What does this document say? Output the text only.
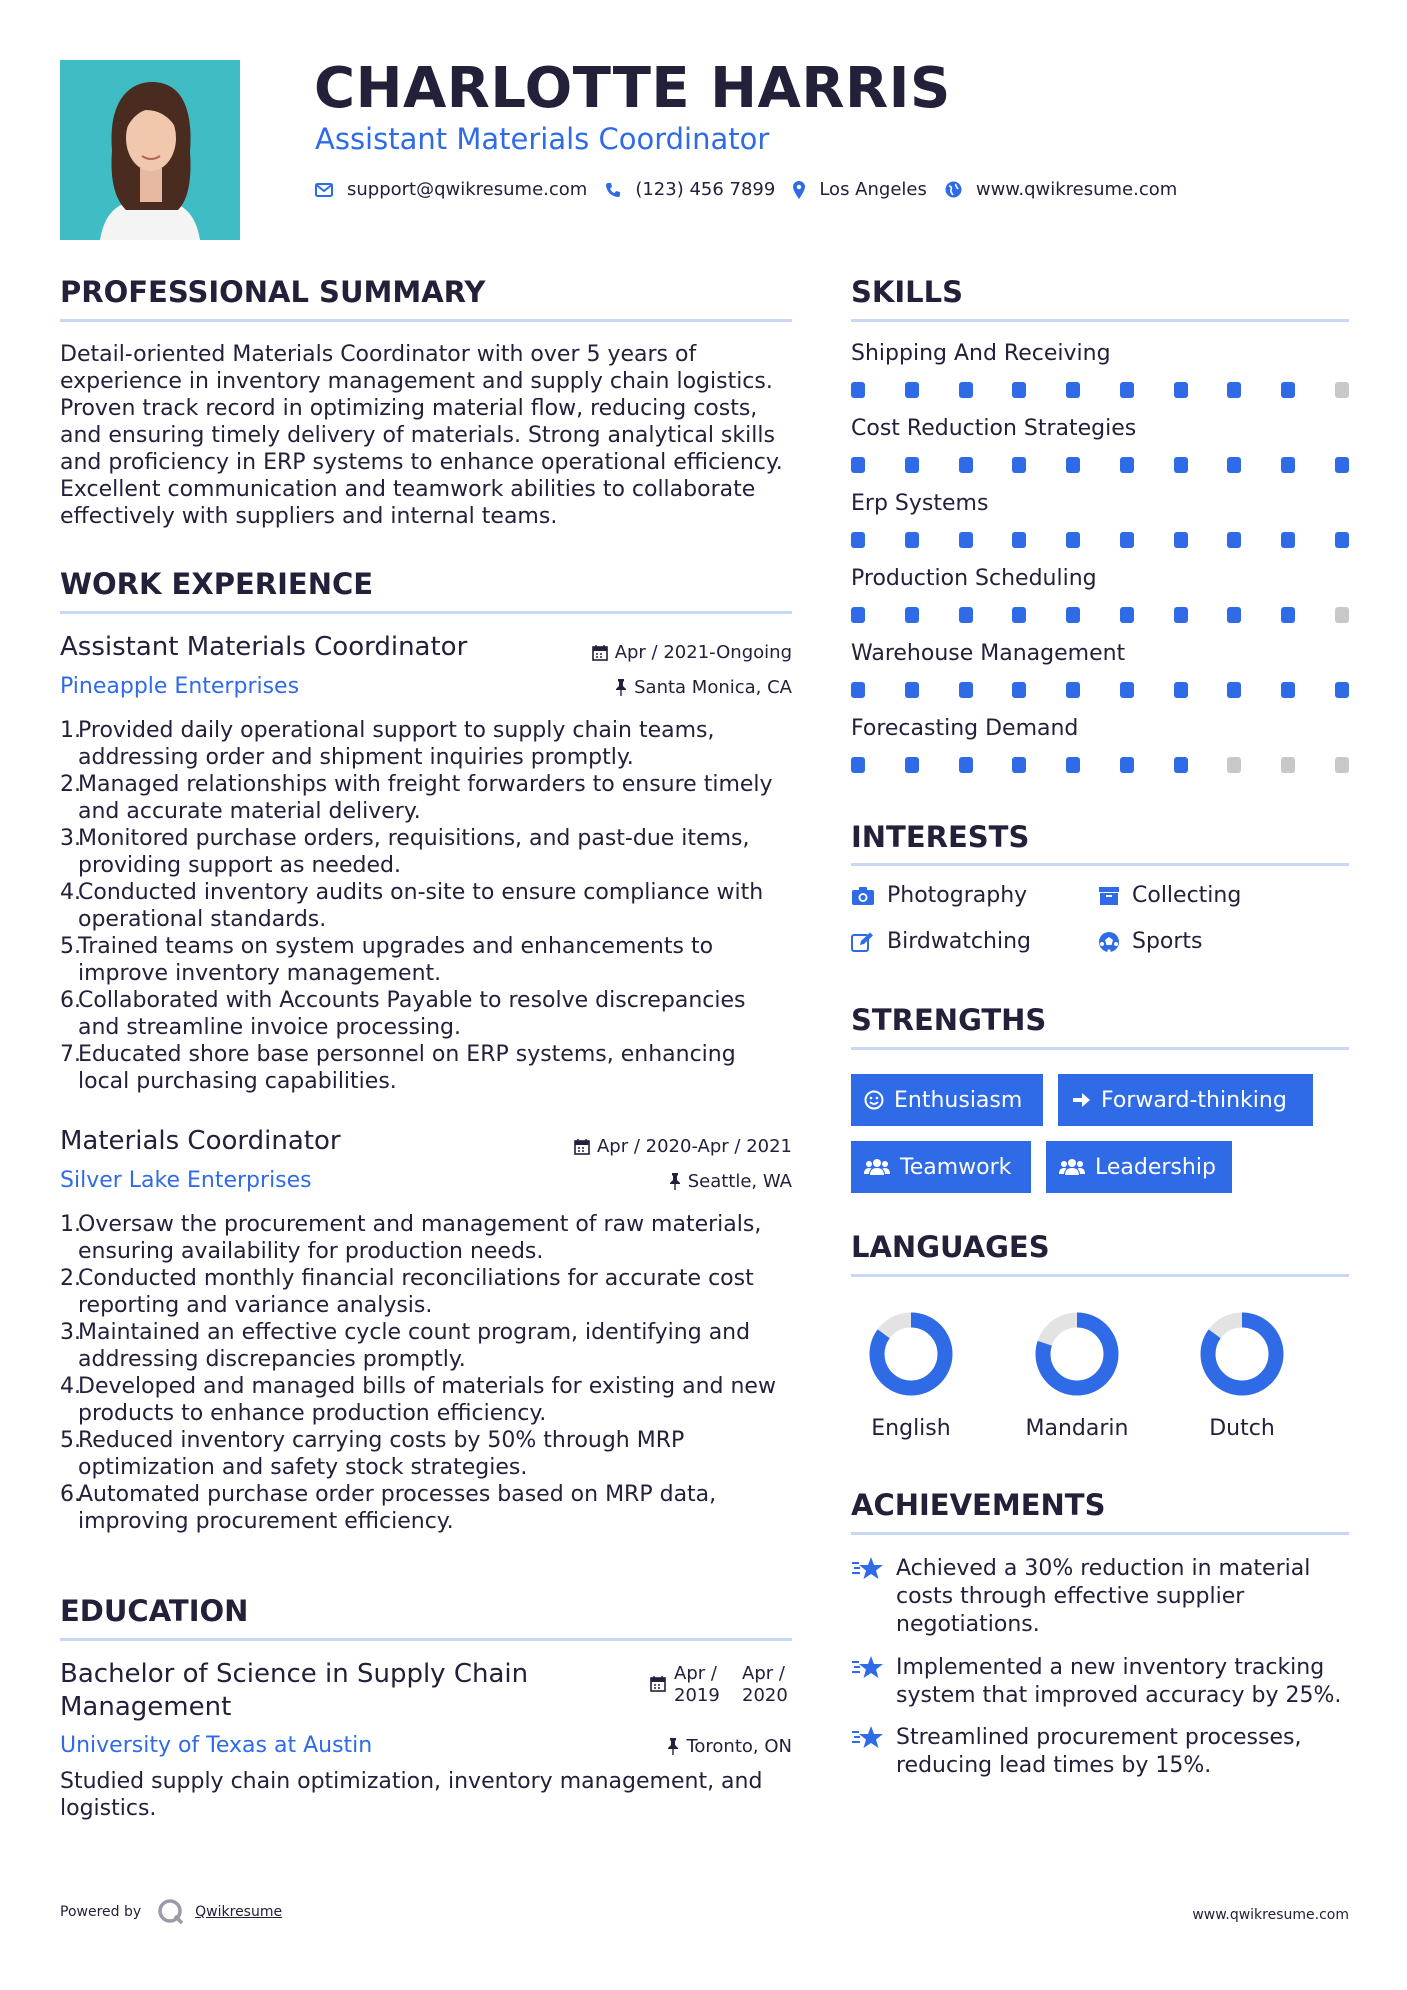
CHARLOTTE HARRIS
Assistant Materials Coordinator
support@qwikresume.com	(123) 456 7899 Los Angeles	www.qwikresume.com
PROFESSIONAL SUMMARY
Detail-oriented Materials Coordinator with over 5 years of experience in inventory management and supply chain logistics. Proven track record in optimizing material flow, reducing costs, and ensuring timely delivery of materials. Strong analytical skills and proficiency in ERP systems to enhance operational efficiency. Excellent communication and teamwork abilities to collaborate effectively with suppliers and internal teams.
WORK EXPERIENCE
Assistant Materials Coordinator	Apr / 2021-Ongoing
Pineapple Enterprises	Santa Monica, CA
1.
Provided daily operational support to supply chain teams, addressing order and shipment inquiries promptly.
2.
Managed relationships with freight forwarders to ensure timely and accurate material delivery.
3.
Monitored purchase orders, requisitions, and past-due items, providing support as needed.
4.
Conducted inventory audits on-site to ensure compliance with operational standards.
5.
Trained teams on system upgrades and enhancements to improve inventory management.
6.
Collaborated with Accounts Payable to resolve discrepancies and streamline invoice processing.
7.
Educated shore base personnel on ERP systems, enhancing local purchasing capabilities.
Materials Coordinator	Apr / 2020-Apr / 2021
Silver Lake Enterprises	Seattle, WA
1.
Oversaw the procurement and management of raw materials, ensuring availability for production needs.
2.
Conducted monthly financial reconciliations for accurate cost reporting and variance analysis.
3.
Maintained an effective cycle count program, identifying and addressing discrepancies promptly.
4.
Developed and managed bills of materials for existing and new products to enhance production efficiency.
5.
Reduced inventory carrying costs by 50% through MRP optimization and safety stock strategies.
6.
Automated purchase order processes based on MRP data, improving procurement efficiency.
EDUCATION
Bachelor of Science in Supply Chain Management
Apr / 2019
Apr / 2020
University of Texas at Austin	Toronto, ON
Studied supply chain optimization, inventory management, and logistics.
SKILLS
Shipping And Receiving
Cost Reduction Strategies
Erp Systems
Production Scheduling
Warehouse Management
Forecasting Demand
INTERESTS
Photography	Collecting
Birdwatching	Sports
STRENGTHS
Enthusiasm	Forward-thinking
Teamwork	Leadership
LANGUAGES
English	Mandarin	Dutch
ACHIEVEMENTS
Achieved a 30% reduction in material costs through effective supplier negotiations.
Implemented a new inventory tracking system that improved accuracy by 25%.
Streamlined procurement processes, reducing lead times by 15%.
Powered by	Qwikresume	www.qwikresume.com
